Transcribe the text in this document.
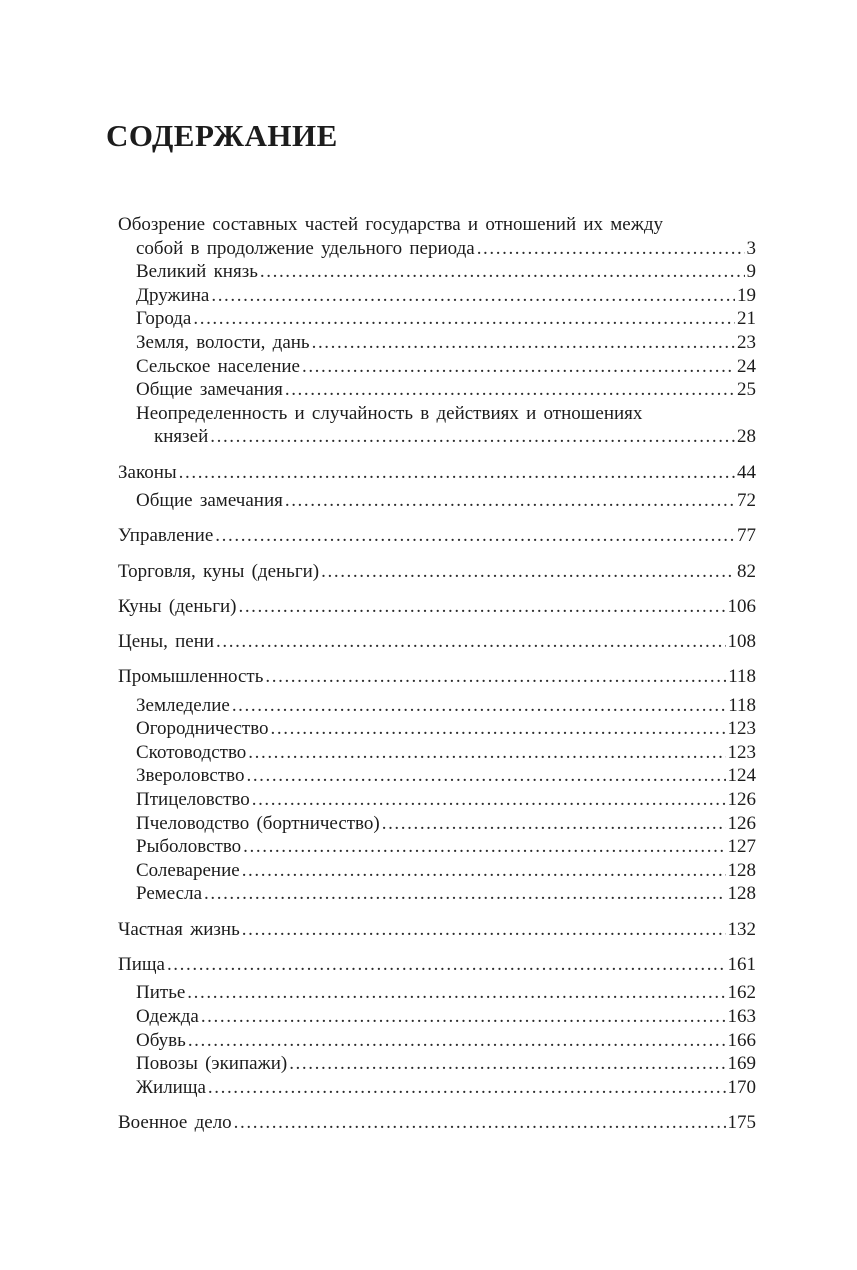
СОДЕРЖАНИЕ
Обозрение составных частей государства и отношений их между
собой в продолжение удельного периода .....	3
Великий князь .....	9
Дружина .....	19
Города .....	21
Земля, волости, дань .....	23
Сельское население .....	24
Общие замечания .....	25
Неопределенность и случайность в действиях и отношениях
князей .....	28
Законы .....	44
Общие замечания .....	72
Управление .....	77
Торговля, куны (деньги) .....	82
Куны (деньги) .....	106
Цены, пени .....	108
Промышленность .....	118
Земледелие .....	118
Огородничество .....	123
Скотоводство .....	123
Звероловство .....	124
Птицеловство .....	126
Пчеловодство (бортничество) .....	126
Рыболовство .....	127
Солеварение .....	128
Ремесла .....	128
Частная жизнь .....	132
Пища .....	161
Питье .....	162
Одежда .....	163
Обувь .....	166
Повозы (экипажи) .....	169
Жилища .....	170
Военное дело .....	175
